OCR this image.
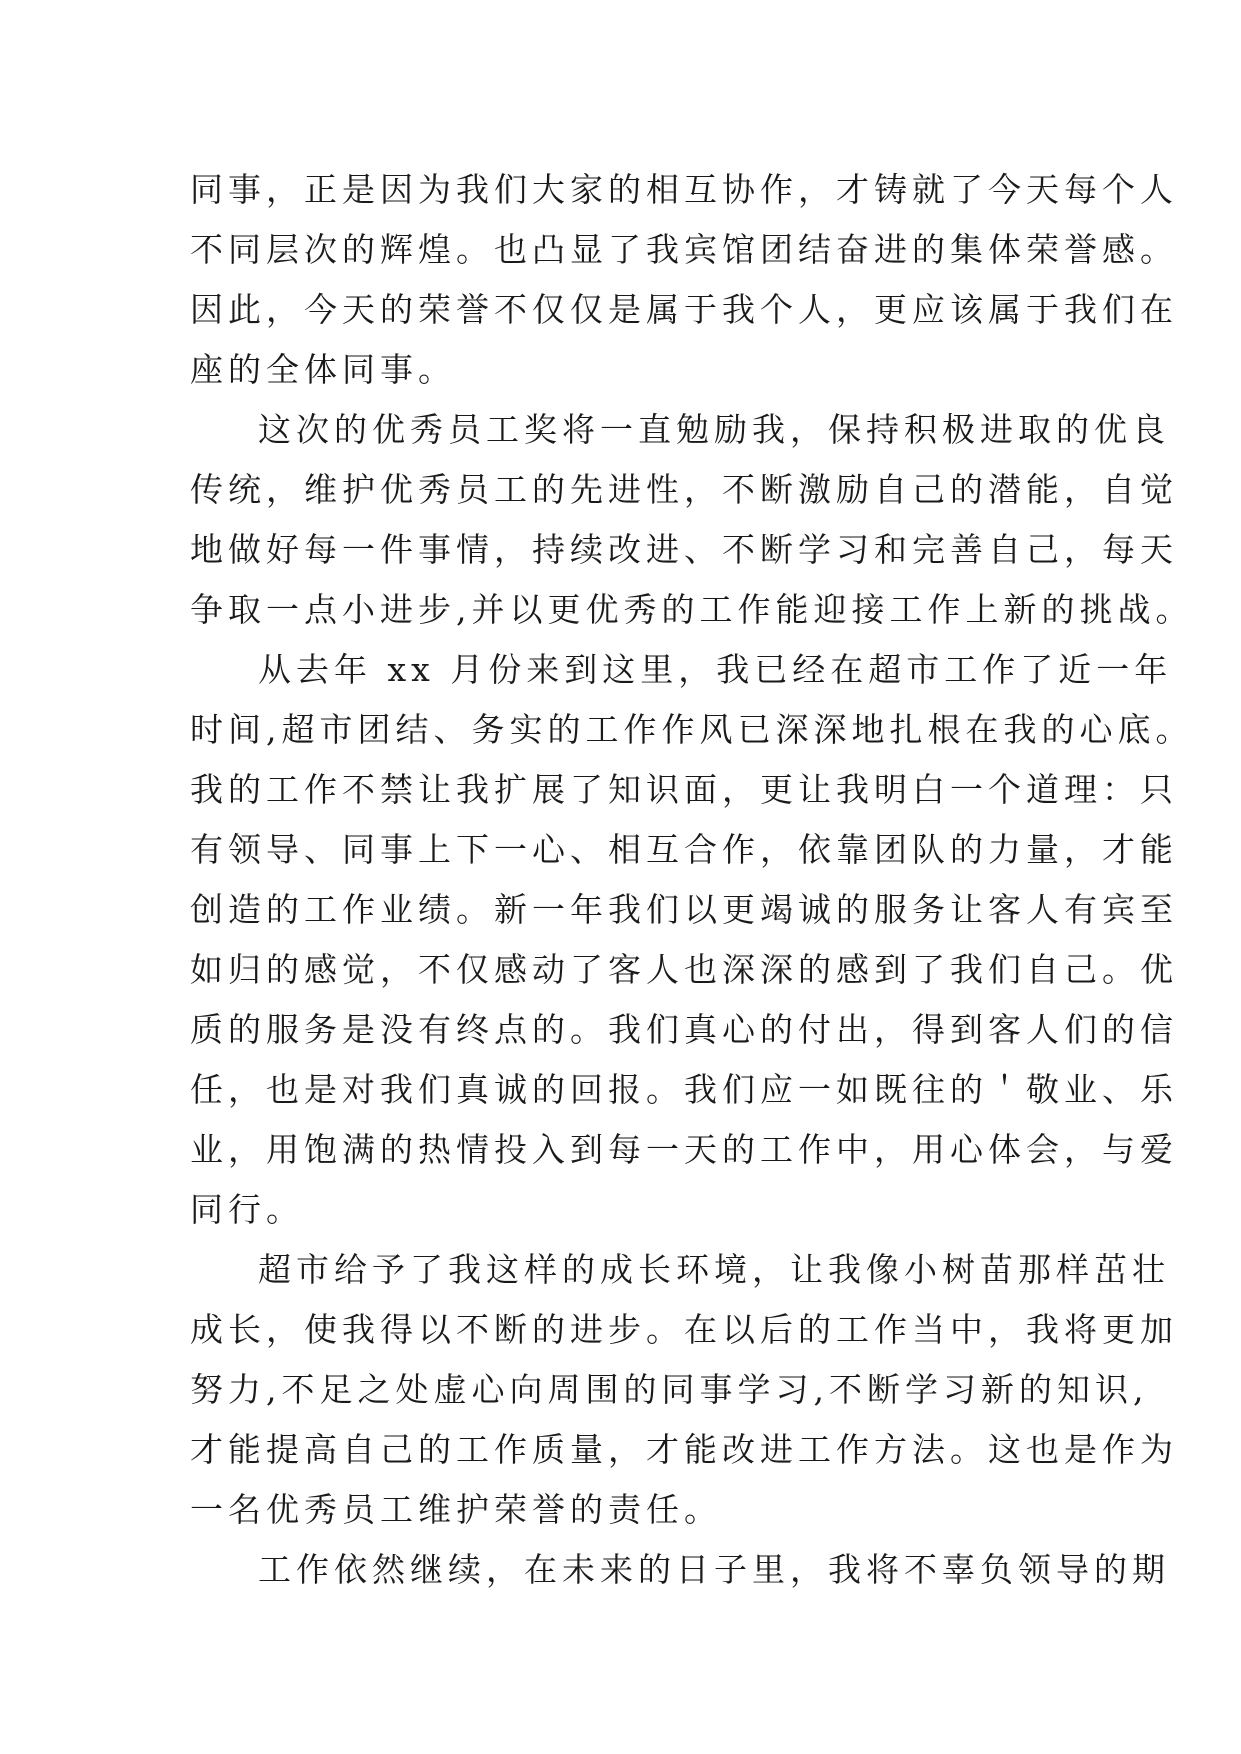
同事，正是因为我们大家的相互协作，才铸就了今天每个人
不同层次的辉煌。也凸显了我宾馆团结奋进的集体荣誉感。
因此，今天的荣誉不仅仅是属于我个人，更应该属于我们在
座的全体同事。
这次的优秀员工奖将一直勉励我，保持积极进取的优良
传统，维护优秀员工的先进性，不断激励自己的潜能，自觉
地做好每一件事情，持续改进、不断学习和完善自己，每天
争取一点小进步,并以更优秀的工作能迎接工作上新的挑战。
从去年 xx 月份来到这里，我已经在超市工作了近一年
时间,超市团结、务实的工作作风已深深地扎根在我的心底。
我的工作不禁让我扩展了知识面，更让我明白一个道理：只
有领导、同事上下一心、相互合作，依靠团队的力量，才能
创造的工作业绩。新一年我们以更竭诚的服务让客人有宾至
如归的感觉，不仅感动了客人也深深的感到了我们自己。优
质的服务是没有终点的。我们真心的付出，得到客人们的信
任，也是对我们真诚的回报。我们应一如既往的＇敬业、乐
业，用饱满的热情投入到每一天的工作中，用心体会，与爱
同行。
超市给予了我这样的成长环境，让我像小树苗那样茁壮
成长，使我得以不断的进步。在以后的工作当中，我将更加
努力,不足之处虚心向周围的同事学习,不断学习新的知识,
才能提高自己的工作质量，才能改进工作方法。这也是作为
一名优秀员工维护荣誉的责任。
工作依然继续，在未来的日子里，我将不辜负领导的期
